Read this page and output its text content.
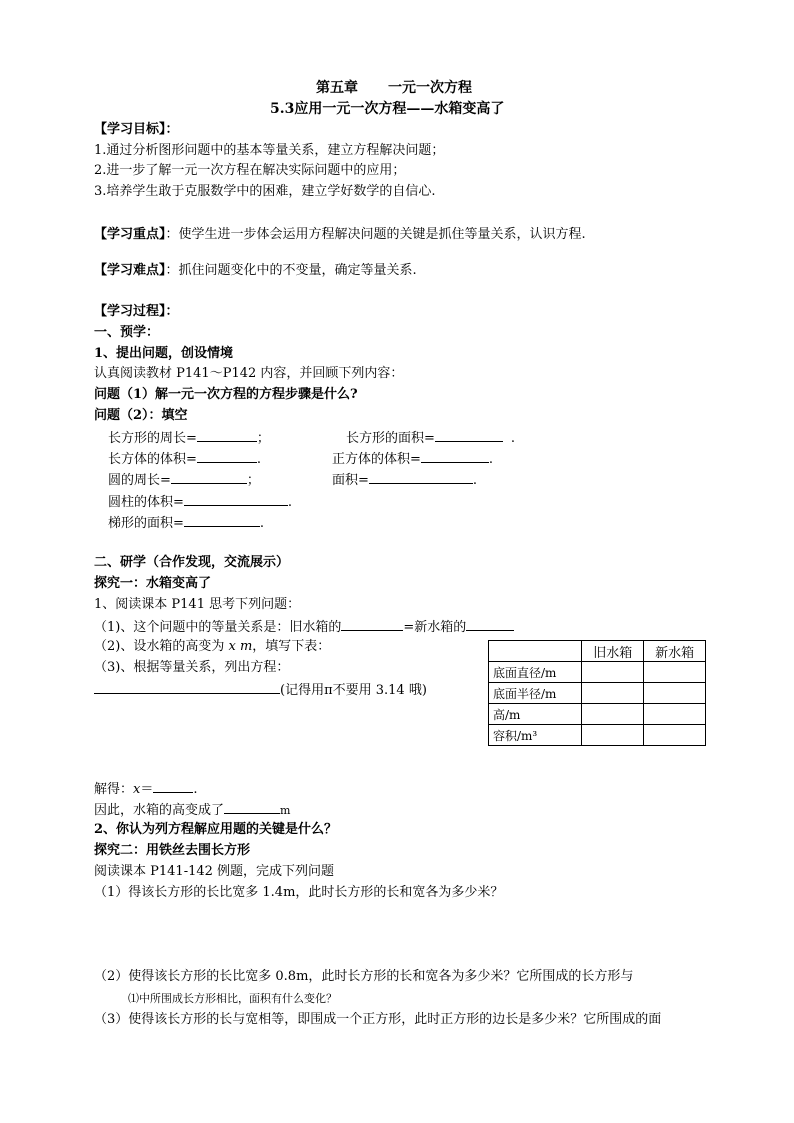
第五章 一元一次方程
5.3应用一元一次方程——水箱变高了
【学习目标】：
1.通过分析图形问题中的基本等量关系，建立方程解决问题；
2.进一步了解一元一次方程在解决实际问题中的应用；
3.培养学生敢于克服数学中的困难，建立学好数学的自信心.
【学习重点】：使学生进一步体会运用方程解决问题的关键是抓住等量关系，认识方程.
【学习难点】：抓住问题变化中的不变量，确定等量关系.
【学习过程】：
一、预学：
1、提出问题，创设情境
认真阅读教材 P141～P142 内容，并回顾下列内容：
问题（1）解一元一次方程的方程步骤是什么?
问题（2）：填空
长方形的周长=	；	长方形的面积=	.
长方体的体积=	.	正方体的体积=	.
圆的周长=	；	面积=	.
圆柱的体积=	.
梯形的面积=	.
二、研学（合作发现，交流展示）
探究一：水箱变高了
1、阅读课本 P141 思考下列问题：
（1)、这个问题中的等量关系是：旧水箱的	=新水箱的
（2)、设水箱的高变为 x m，填写下表：
（3)、根据等量关系，列出方程：
(记得用π不要用 3.14 哦)
	旧水箱	新水箱
底面直径/m		
底面半径/m		
高/m		
容积/m³		
解得：x＝	.
因此，水箱的高变成了	m
2、你认为列方程解应用题的关键是什么？
探究二：用铁丝去围长方形
阅读课本 P141-142 例题，完成下列问题
（1）得该长方形的长比宽多 1.4m，此时长方形的长和宽各为多少米？
（2）使得该长方形的长比宽多 0.8m，此时长方形的长和宽各为多少米？它所围成的长方形与
⑴中所围成长方形相比，面积有什么变化？
（3）使得该长方形的长与宽相等，即围成一个正方形，此时正方形的边长是多少米？它所围成的面
